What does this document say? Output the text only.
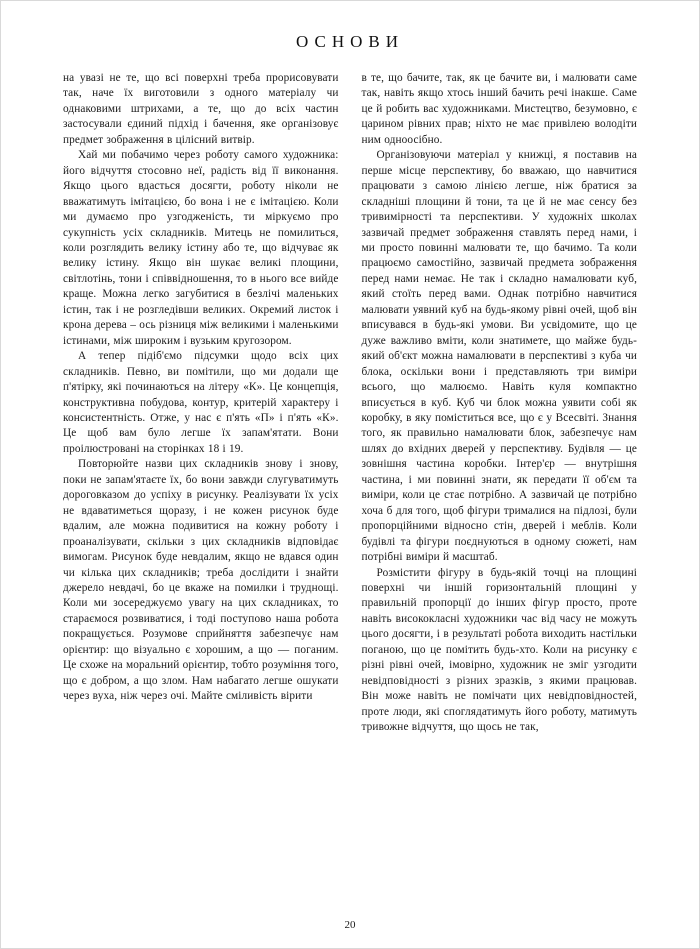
ОСНОВИ

на увазі не те, що всі поверхні треба прорисовувати так, наче їх виготовили з одного матеріалу чи однаковими штрихами, а те, що до всіх частин застосували єдиний підхід і бачення, яке організовує предмет зображення в цілісний витвір.

Хай ми побачимо через роботу самого художника: його відчуття стосовно неї, радість від її виконання. Якщо цього вдасться досягти, роботу ніколи не вважатимуть імітацією, бо вона і не є імітацією. Коли ми думаємо про узгодженість, ти міркуємо про сукупність усіх складників. Митець не помилиться, коли розглядить велику істину або те, що відчуває як велику істину. Якщо він шукає великі площини, світлотінь, тони і співвідношення, то в нього все вийде краще. Можна легко загубитися в безлічі маленьких істин, так і не розгледівши великих. Окремий листок і крона дерева – ось різниця між великими і маленькими істинами, між широким і вузьким кругозором.

А тепер підіб'ємо підсумки щодо всіх цих складників. Певно, ви помітили, що ми додали ще п'ятірку, які починаються на літеру «К». Це концепція, конструктивна побудова, контур, критерій характеру і консистентність. Отже, у нас є п'ять «П» і п'ять «К». Це щоб вам було легше їх запам'ятати. Вони проілюстровані на сторінках 18 і 19.

Повторюйте назви цих складників знову і знову, поки не запам'ятаєте їх, бо вони завжди слугуватимуть дороговказом до успіху в рисунку. Реалізувати їх усіх не вдаватиметься щоразу, і не кожен рисунок буде вдалим, але можна подивитися на кожну роботу і проаналізувати, скільки з цих складників відповідає вимогам. Рисунок буде невдалим, якщо не вдався один чи кілька цих складників; треба дослідити і знайти джерело невдачі, бо це вкаже на помилки і труднощі. Коли ми зосереджуємо увагу на цих складниках, то стараємося розвиватися, і тоді поступово наша робота покращується. Розумове сприйняття забезпечує нам орієнтир: що візуально є хорошим, а що — поганим. Це схоже на моральний орієнтир, тобто розуміння того, що є добром, а що злом. Нам набагато легше ошукати через вуха, ніж через очі. Майте сміливість вірити

в те, що бачите, так, як це бачите ви, і малювати саме так, навіть якщо хтось інший бачить речі інакше. Саме це й робить вас художниками. Мистецтво, безумовно, є царином рівних прав; ніхто не має привілею володіти ним одноосібно.

Організовуючи матеріал у книжці, я поставив на перше місце перспективу, бо вважаю, що навчитися працювати з самою лінією легше, ніж братися за складніші площини й тони, та це й не має сенсу без тривимірності та перспективи. У художніх школах зазвичай предмет зображення ставлять перед нами, і ми просто повинні малювати те, що бачимо. Та коли працюємо самостійно, зазвичай предмета зображення перед нами немає. Не так і складно намалювати куб, який стоїть перед вами. Однак потрібно навчитися малювати уявний куб на будь-якому рівні очей, щоб він вписувався в будь-які умови. Ви усвідомите, що це дуже важливо вміти, коли знатимете, що майже будь-який об'єкт можна намалювати в перспективі з куба чи блока, оскільки вони і представляють три виміри всього, що малюємо. Навіть куля компактно вписується в куб. Куб чи блок можна уявити собі як коробку, в яку поміститься все, що є у Всесвіті. Знання того, як правильно намалювати блок, забезпечує нам шлях до вхідних дверей у перспективу. Будівля — це зовнішня частина коробки. Інтер'єр — внутрішня частина, і ми повинні знати, як передати її об'єм та виміри, коли це стає потрібно. А зазвичай це потрібно хоча б для того, щоб фігури трималися на підлозі, були пропорційними відносно стін, дверей і меблів. Коли будівлі та фігури поєднуються в одному сюжеті, нам потрібні виміри й масштаб.

Розмістити фігуру в будь-якій точці на площині поверхні чи іншій горизонтальній площині у правильній пропорції до інших фігур просто, проте навіть висококласні художники час від часу не можуть цього досягти, і в результаті робота виходить настільки поганою, що це помітить будь-хто. Коли на рисунку є різні рівні очей, імовірно, художник не зміг узгодити невідповідності з різних зразків, з якими працював. Він може навіть не помічати цих невідповідностей, проте люди, які споглядатимуть його роботу, матимуть тривожне відчуття, що щось не так,

20
